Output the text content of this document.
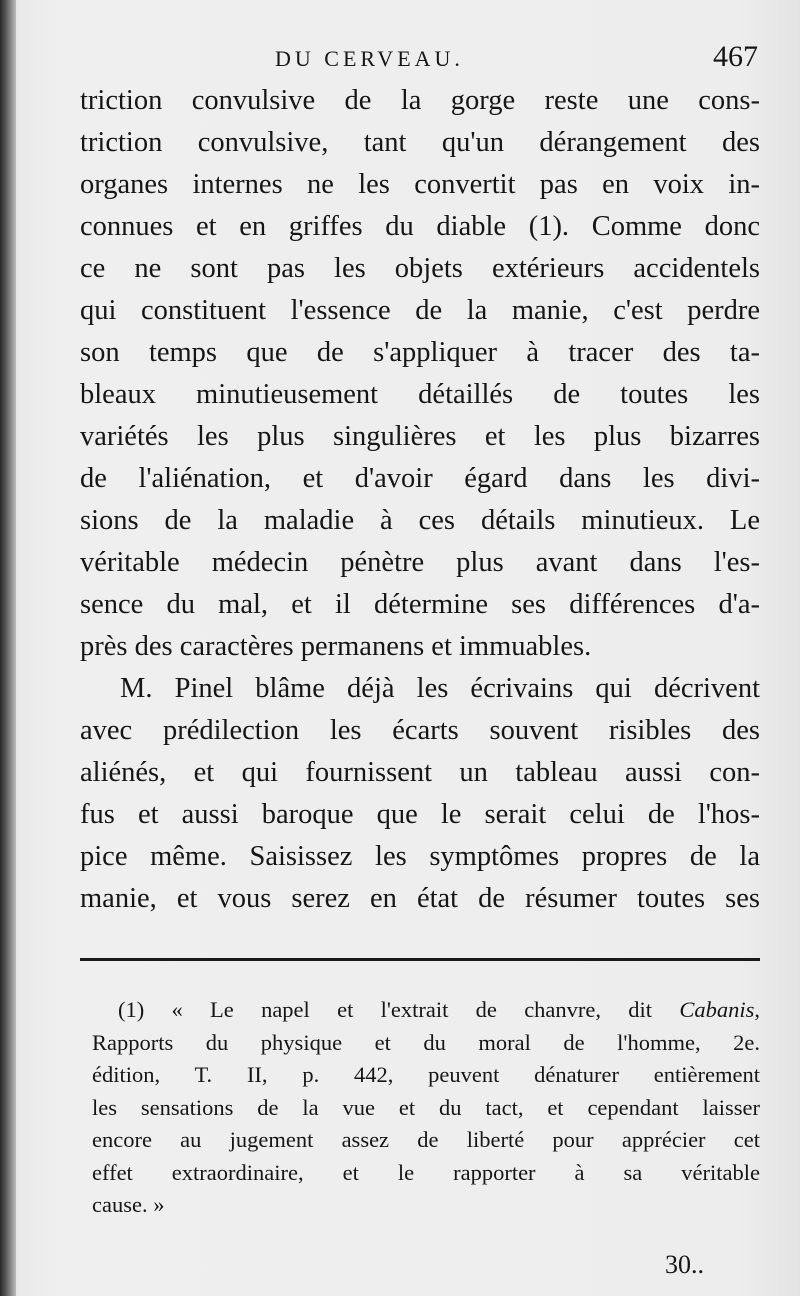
DU CERVEAU.	467
triction convulsive de la gorge reste une cons-
triction convulsive, tant qu'un dérangement des
organes internes ne les convertit pas en voix in-
connues et en griffes du diable (1). Comme donc
ce ne sont pas les objets extérieurs accidentels
qui constituent l'essence de la manie, c'est perdre
son temps que de s'appliquer à tracer des ta-
bleaux minutieusement détaillés de toutes les
variétés les plus singulières et les plus bizarres
de l'aliénation, et d'avoir égard dans les divi-
sions de la maladie à ces détails minutieux. Le
véritable médecin pénètre plus avant dans l'es-
sence du mal, et il détermine ses différences d'a-
près des caractères permanens et immuables.
M. Pinel blâme déjà les écrivains qui décrivent
avec prédilection les écarts souvent risibles des
aliénés, et qui fournissent un tableau aussi con-
fus et aussi baroque que le serait celui de l'hos-
pice même. Saisissez les symptômes propres de la
manie, et vous serez en état de résumer toutes ses
(1) « Le napel et l'extrait de chanvre, dit Cabanis,
Rapports du physique et du moral de l'homme, 2e.
édition, T. II, p. 442, peuvent dénaturer entièrement
les sensations de la vue et du tact, et cependant laisser
encore au jugement assez de liberté pour apprécier cet
effet extraordinaire, et le rapporter à sa véritable
cause. »
30..
